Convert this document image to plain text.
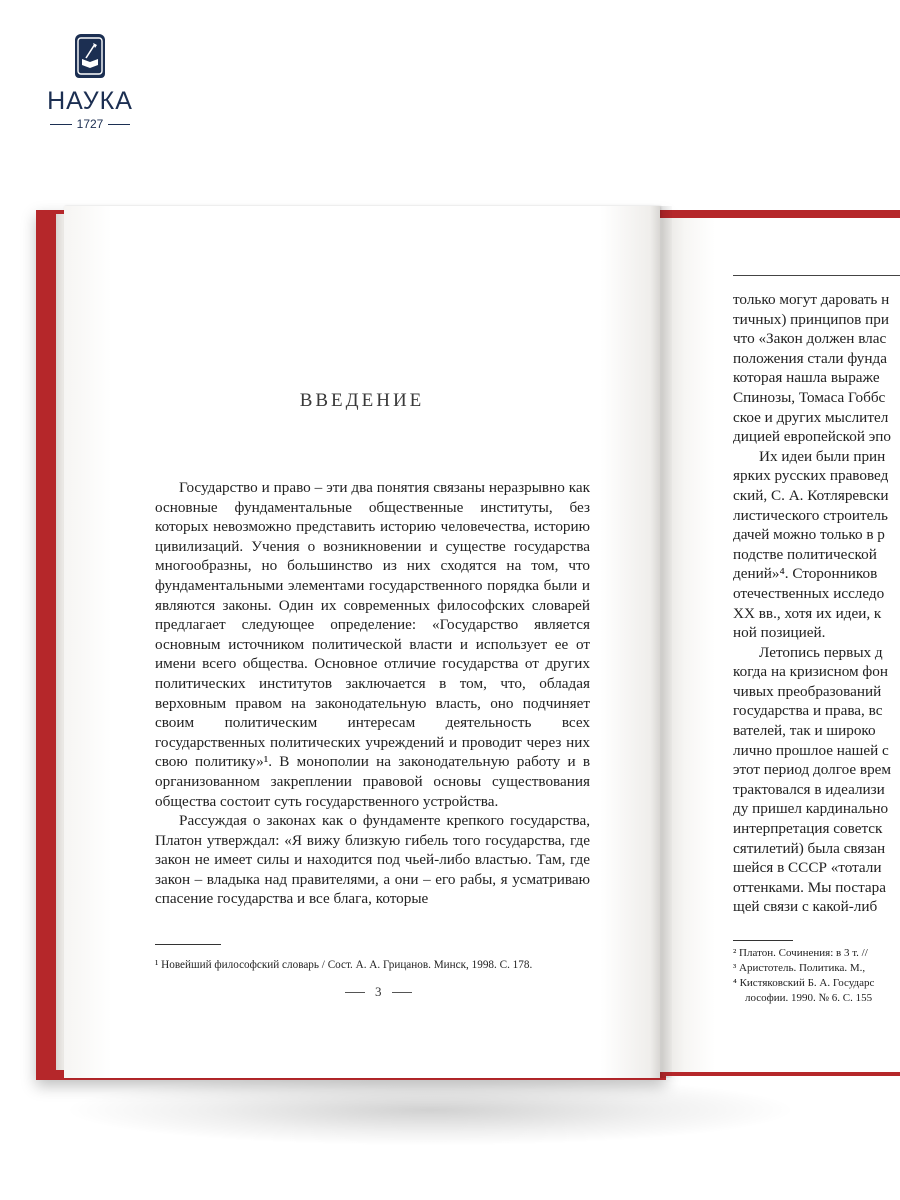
НАУКА
1727
ВВЕДЕНИЕ

Государство и право – эти два понятия связаны неразрывно как основные фундаментальные общественные институты, без которых невозможно представить историю человечества, историю цивилизаций. Учения о возникновении и существе государства многообразны, но большинство из них сходятся на том, что фундаментальными элементами государственного порядка были и являются законы. Один их современных философских словарей предлагает следующее определение: «Государство является основным источником политической власти и использует ее от имени всего общества. Основное отличие государства от других политических институтов заключается в том, что, обладая верховным правом на законодательную власть, оно подчиняет своим политическим интересам деятельность всех государственных политических учреждений и проводит через них свою политику»¹. В монополии на законодательную работу и в организованном закреплении правовой основы существования общества состоит суть государственного устройства.

Рассуждая о законах как о фундаменте крепкого государства, Платон утверждал: «Я вижу близкую гибель того государства, где закон не имеет силы и находится под чьей-либо властью. Там, где закон – владыка над правителями, а они – его рабы, я усматриваю спасение государства и все блага, которые

¹ Новейший философский словарь / Сост. А. А. Грицанов. Минск, 1998. С. 178.
3
только могут даровать н
тичных) принципов при
что «Закон должен влас
положения стали фунда
которая нашла выраже
Спинозы, Томаса Гоббс
ское и других мыслител
дицией европейской эпо
Их идеи были прин
ярких русских правовед
ский, С. А. Котляревски
листического строитель
дачей можно только в р
подстве политической
дений»⁴. Сторонников
отечественных исследо
XX вв., хотя их идеи, к
ной позицией.
Летопись первых д
когда на кризисном фон
чивых преобразований
государства и права, вс
вателей, так и широко
лично прошлое нашей с
этот период долгое врем
трактовался в идеализи
ду пришел кардинально
интерпретация советск
сятилетий) была связан
шейся в СССР «тотали
оттенками. Мы постара
щей связи с какой-либ
² Платон. Сочинения: в 3 т. //
³ Аристотель. Политика. М.,
⁴ Кистяковский Б. А. Государс
лософии. 1990. № 6. С. 155
